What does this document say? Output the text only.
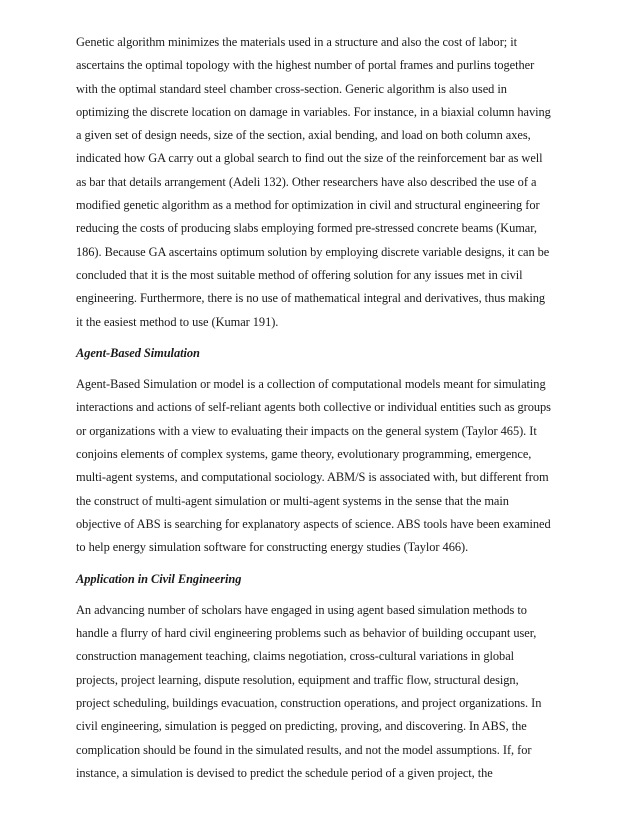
Genetic algorithm minimizes the materials used in a structure and also the cost of labor; it
ascertains the optimal topology with the highest number of portal frames and purlins together
with the optimal standard steel chamber cross-section. Generic algorithm is also used in
optimizing the discrete location on damage in variables. For instance, in a biaxial column having
a given set of design needs, size of the section, axial bending, and load on both column axes,
indicated how GA carry out a global search to find out the size of the reinforcement bar as well
as bar that details arrangement (Adeli 132). Other researchers have also described the use of a
modified genetic algorithm as a method for optimization in civil and structural engineering for
reducing the costs of producing slabs employing formed pre-stressed concrete beams (Kumar,
186). Because GA ascertains optimum solution by employing discrete variable designs, it can be
concluded that it is the most suitable method of offering solution for any issues met in civil
engineering. Furthermore, there is no use of mathematical integral and derivatives, thus making
it the easiest method to use (Kumar 191).
Agent-Based Simulation
Agent-Based Simulation or model is a collection of computational models meant for simulating
interactions and actions of self-reliant agents both collective or individual entities such as groups
or organizations with a view to evaluating their impacts on the general system (Taylor 465). It
conjoins elements of complex systems, game theory, evolutionary programming, emergence,
multi-agent systems, and computational sociology. ABM/S is associated with, but different from
the construct of multi-agent simulation or multi-agent systems in the sense that the main
objective of ABS is searching for explanatory aspects of science. ABS tools have been examined
to help energy simulation software for constructing energy studies (Taylor 466).
Application in Civil Engineering
An advancing number of scholars have engaged in using agent based simulation methods to
handle a flurry of hard civil engineering problems such as behavior of building occupant user,
construction management teaching, claims negotiation, cross-cultural variations in global
projects, project learning, dispute resolution, equipment and traffic flow, structural design,
project scheduling, buildings evacuation, construction operations, and project organizations. In
civil engineering, simulation is pegged on predicting, proving, and discovering. In ABS, the
complication should be found in the simulated results, and not the model assumptions. If, for
instance, a simulation is devised to predict the schedule period of a given project, the
